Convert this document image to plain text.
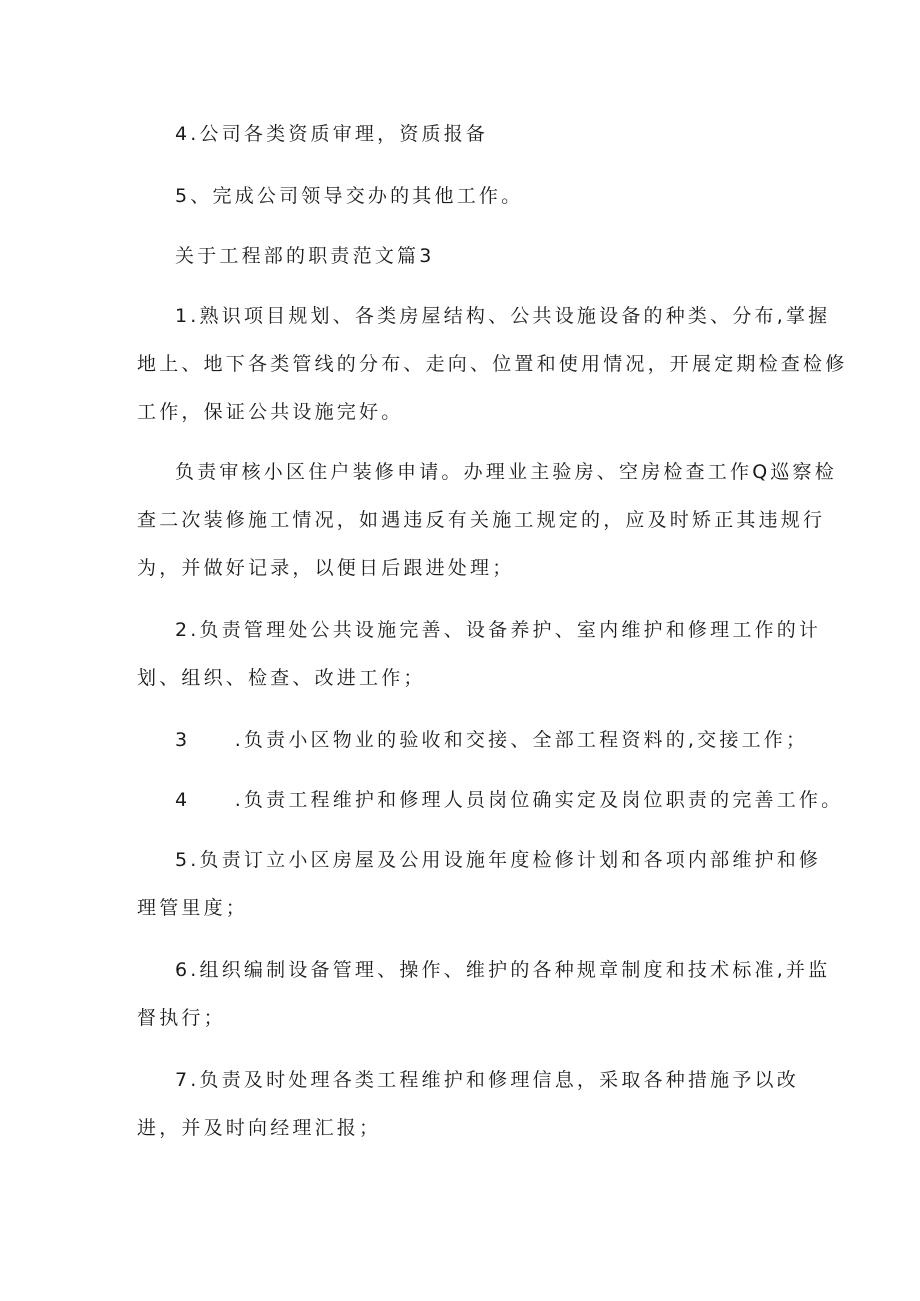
4.公司各类资质审理，资质报备
5、完成公司领导交办的其他工作。
关于工程部的职责范文篇3
1.熟识项目规划、各类房屋结构、公共设施设备的种类、分布,掌握
地上、地下各类管线的分布、走向、位置和使用情况，开展定期检查检修
工作，保证公共设施完好。
负责审核小区住户装修申请。办理业主验房、空房检查工作Q巡察检
查二次装修施工情况，如遇违反有关施工规定的，应及时矫正其违规行
为，并做好记录，以便日后跟进处理；
2.负责管理处公共设施完善、设备养护、室内维护和修理工作的计
划、组织、检查、改进工作；
3　　.负责小区物业的验收和交接、全部工程资料的,交接工作；
4　　.负责工程维护和修理人员岗位确实定及岗位职责的完善工作。
5.负责订立小区房屋及公用设施年度检修计划和各项内部维护和修
理管里度；
6.组织编制设备管理、操作、维护的各种规章制度和技术标准,并监
督执行；
7.负责及时处理各类工程维护和修理信息，采取各种措施予以改
进，并及时向经理汇报；
